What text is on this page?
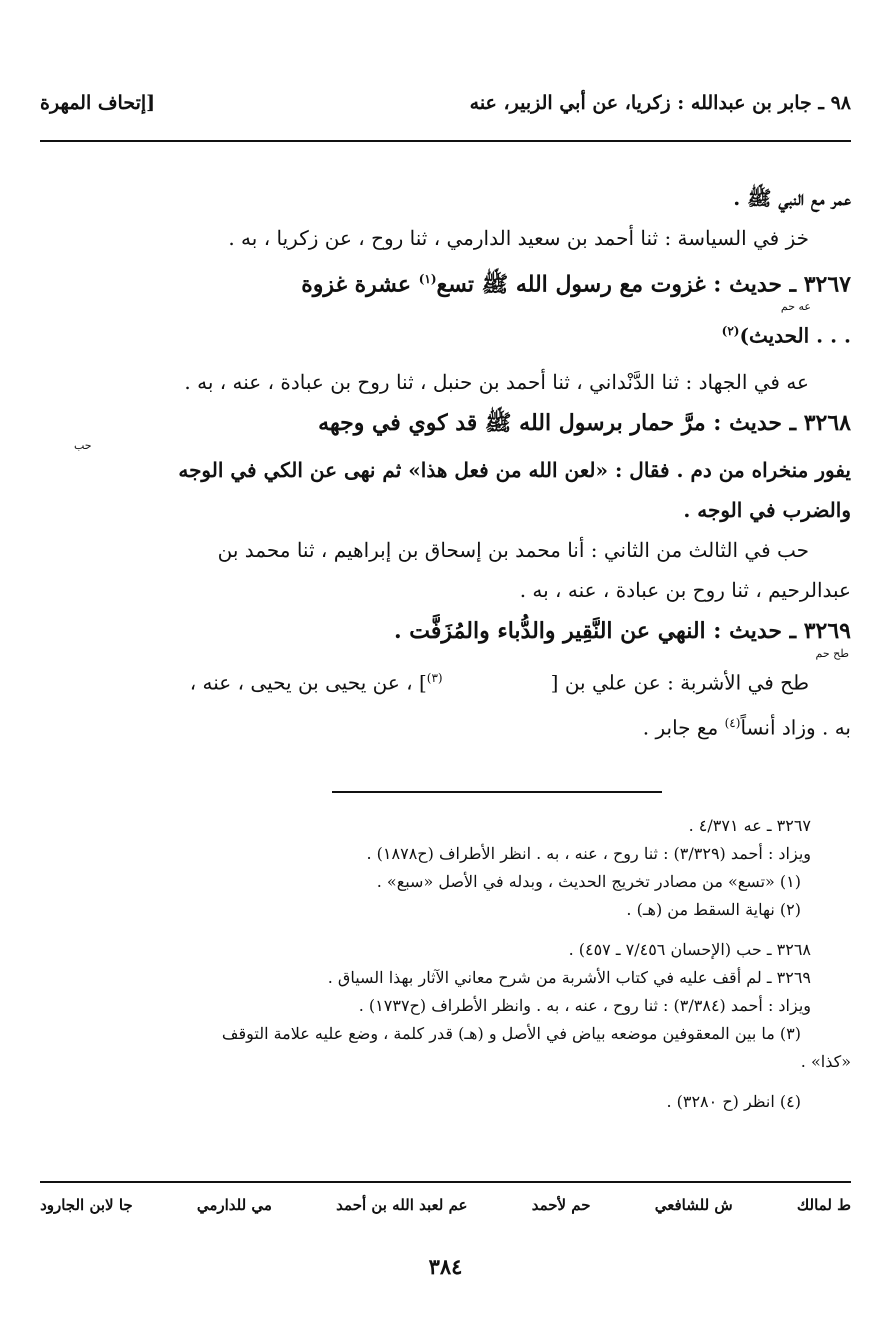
٩٨ ـ جابر بن عبدالله : زكريا، عن أبي الزبير، عنه
[إتحاف المهرة

عمر مع النبي ﷺ .

خز في السياسة : ثنا أحمد بن سعيد الدارمي ، ثنا روح ، عن زكريا ، به .

٣٢٦٧ ـ حديث : غزوت مع رسول الله ﷺ تسع$^{(١)}$ عشرة غزوة

عه حم

. . . الحديث)$^{(٢)}$

عه في الجهاد : ثنا الدَّنْداني ، ثنا أحمد بن حنبل ، ثنا روح بن عبادة ، عنه ، به .

٣٢٦٨ ـ حديث : مرَّ حمار برسول الله ﷺ قد كوي في وجهه

حب

يفور منخراه من دم . فقال : «لعن الله من فعل هذا» ثم نهى عن الكي في الوجه

والضرب في الوجه .

حب في الثالث من الثاني : أنا محمد بن إسحاق بن إبراهيم ، ثنا محمد بن

عبدالرحيم ، ثنا روح بن عبادة ، عنه ، به .

٣٢٦٩ ـ حديث : النهي عن النَّقِير والدُّباء والمُزَفَّت .

طح حم

طح في الأشربة : عن علي بن [                 $^{(٣)}$] ، عن يحيى بن يحيى ، عنه ،

به . وزاد أنساً$^{(٤)}$ مع جابر .

٣٢٦٧ ـ عه ٤/٣٧١ .

ويزاد : أحمد (٣/٣٢٩) : ثنا روح ، عنه ، به . انظر الأطراف (ح١٨٧٨) .

(١) «تسع» من مصادر تخريج الحديث ، وبدله في الأصل «سبع» .

(٢) نهاية السقط من (هـ) .

٣٢٦٨ ـ حب (الإحسان ٧/٤٥٦ ـ ٤٥٧) .

٣٢٦٩ ـ لم أقف عليه في كتاب الأشربة من شرح معاني الآثار بهذا السياق .

ويزاد : أحمد (٣/٣٨٤) : ثنا روح ، عنه ، به . وانظر الأطراف (ح١٧٣٧) .

(٣) ما بين المعقوفين موضعه بياض في الأصل و (هـ) قدر كلمة ، وضع عليه علامة التوقف

«كذا» .

(٤) انظر (ح ٣٢٨٠) .

ط لمالك
ش للشافعي
حم لأحمد
عم لعبد الله بن أحمد
مي للدارمي
جا لابن الجارود
٣٨٤
